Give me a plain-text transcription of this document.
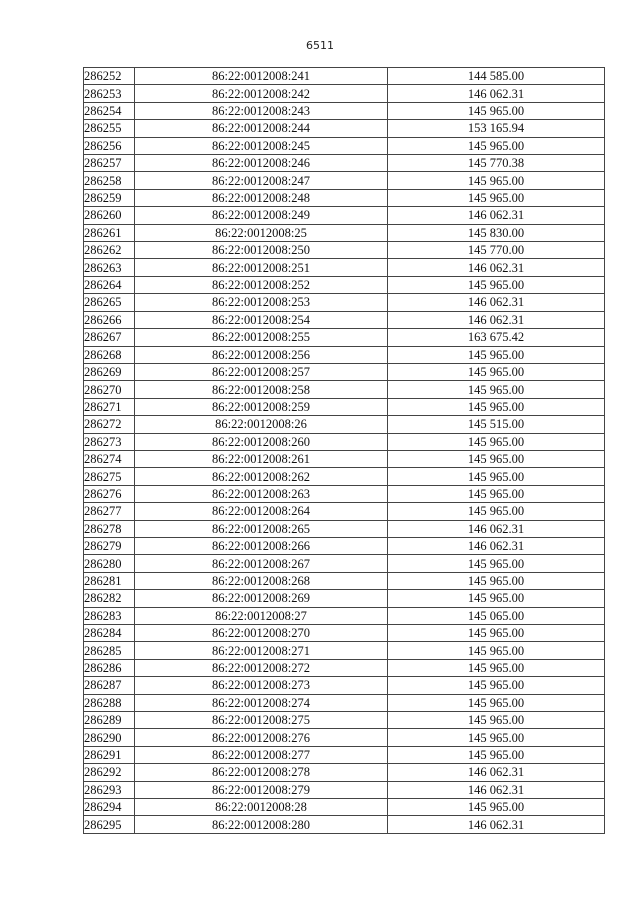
6511
286252	86:22:0012008:241	144 585.00
286253	86:22:0012008:242	146 062.31
286254	86:22:0012008:243	145 965.00
286255	86:22:0012008:244	153 165.94
286256	86:22:0012008:245	145 965.00
286257	86:22:0012008:246	145 770.38
286258	86:22:0012008:247	145 965.00
286259	86:22:0012008:248	145 965.00
286260	86:22:0012008:249	146 062.31
286261	86:22:0012008:25	145 830.00
286262	86:22:0012008:250	145 770.00
286263	86:22:0012008:251	146 062.31
286264	86:22:0012008:252	145 965.00
286265	86:22:0012008:253	146 062.31
286266	86:22:0012008:254	146 062.31
286267	86:22:0012008:255	163 675.42
286268	86:22:0012008:256	145 965.00
286269	86:22:0012008:257	145 965.00
286270	86:22:0012008:258	145 965.00
286271	86:22:0012008:259	145 965.00
286272	86:22:0012008:26	145 515.00
286273	86:22:0012008:260	145 965.00
286274	86:22:0012008:261	145 965.00
286275	86:22:0012008:262	145 965.00
286276	86:22:0012008:263	145 965.00
286277	86:22:0012008:264	145 965.00
286278	86:22:0012008:265	146 062.31
286279	86:22:0012008:266	146 062.31
286280	86:22:0012008:267	145 965.00
286281	86:22:0012008:268	145 965.00
286282	86:22:0012008:269	145 965.00
286283	86:22:0012008:27	145 065.00
286284	86:22:0012008:270	145 965.00
286285	86:22:0012008:271	145 965.00
286286	86:22:0012008:272	145 965.00
286287	86:22:0012008:273	145 965.00
286288	86:22:0012008:274	145 965.00
286289	86:22:0012008:275	145 965.00
286290	86:22:0012008:276	145 965.00
286291	86:22:0012008:277	145 965.00
286292	86:22:0012008:278	146 062.31
286293	86:22:0012008:279	146 062.31
286294	86:22:0012008:28	145 965.00
286295	86:22:0012008:280	146 062.31
